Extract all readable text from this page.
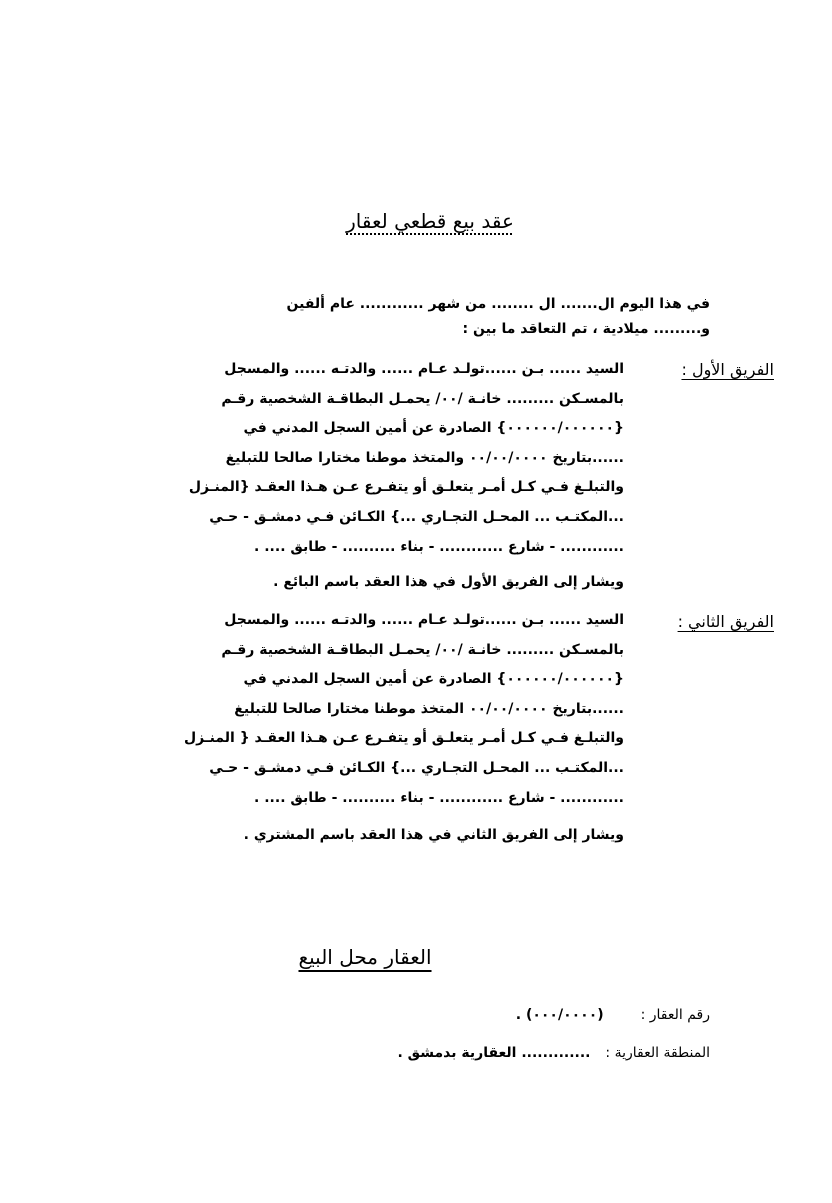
عقد بيع قطعي لعقار
في هذا اليوم ال....... ال ........ من شهر ............ عام ألفين
و......... ميلادية ، تم التعاقد ما بين :
الفريق الأول :
السيد ...... بـن ......تولـد عـام ...... والدتـه ...... والمسجل
بالمسـكن ......... خانـة /٠٠/ يحمـل البطاقـة الشخصية رقـم
{٠٠٠٠٠٠/٠٠٠٠٠٠} الصادرة عن أمين السجل المدني في
......بتاريخ ٠٠/٠٠/٠٠٠٠ والمتخذ موطنا مختارا صالحا للتبليغ
والتبلـغ فـي كـل أمـر يتعلـق أو يتفـرع عـن هـذا العقـد {المنـزل
...المكتـب ... المحـل التجـاري ...} الكـائن فـي دمشـق - حـي
............ - شارع ............ - بناء .......... - طابق .... .
ويشار إلى الفريق الأول في هذا العقد باسم البائع .
الفريق الثاني :
السيد ...... بـن ......تولـد عـام ...... والدتـه ...... والمسجل
بالمسـكن ......... خانـة /٠٠/ يحمـل البطاقـة الشخصية رقـم
{٠٠٠٠٠٠/٠٠٠٠٠٠} الصادرة عن أمين السجل المدني في
......بتاريخ ٠٠/٠٠/٠٠٠٠ المتخذ موطنا مختارا صالحا للتبليغ
والتبلـغ فـي كـل أمـر يتعلـق أو يتفـرع عـن هـذا العقـد { المنـزل
...المكتـب ... المحـل التجـاري ...} الكـائن فـي دمشـق - حـي
............ - شارع ............ - بناء .......... - طابق .... .
ويشار إلى الفريق الثاني في هذا العقد باسم المشتري .
العقار محل البيع
رقم العقار :  (٠٠٠/٠٠٠٠) .
المنطقة العقارية :  ............. العقارية بدمشق .
